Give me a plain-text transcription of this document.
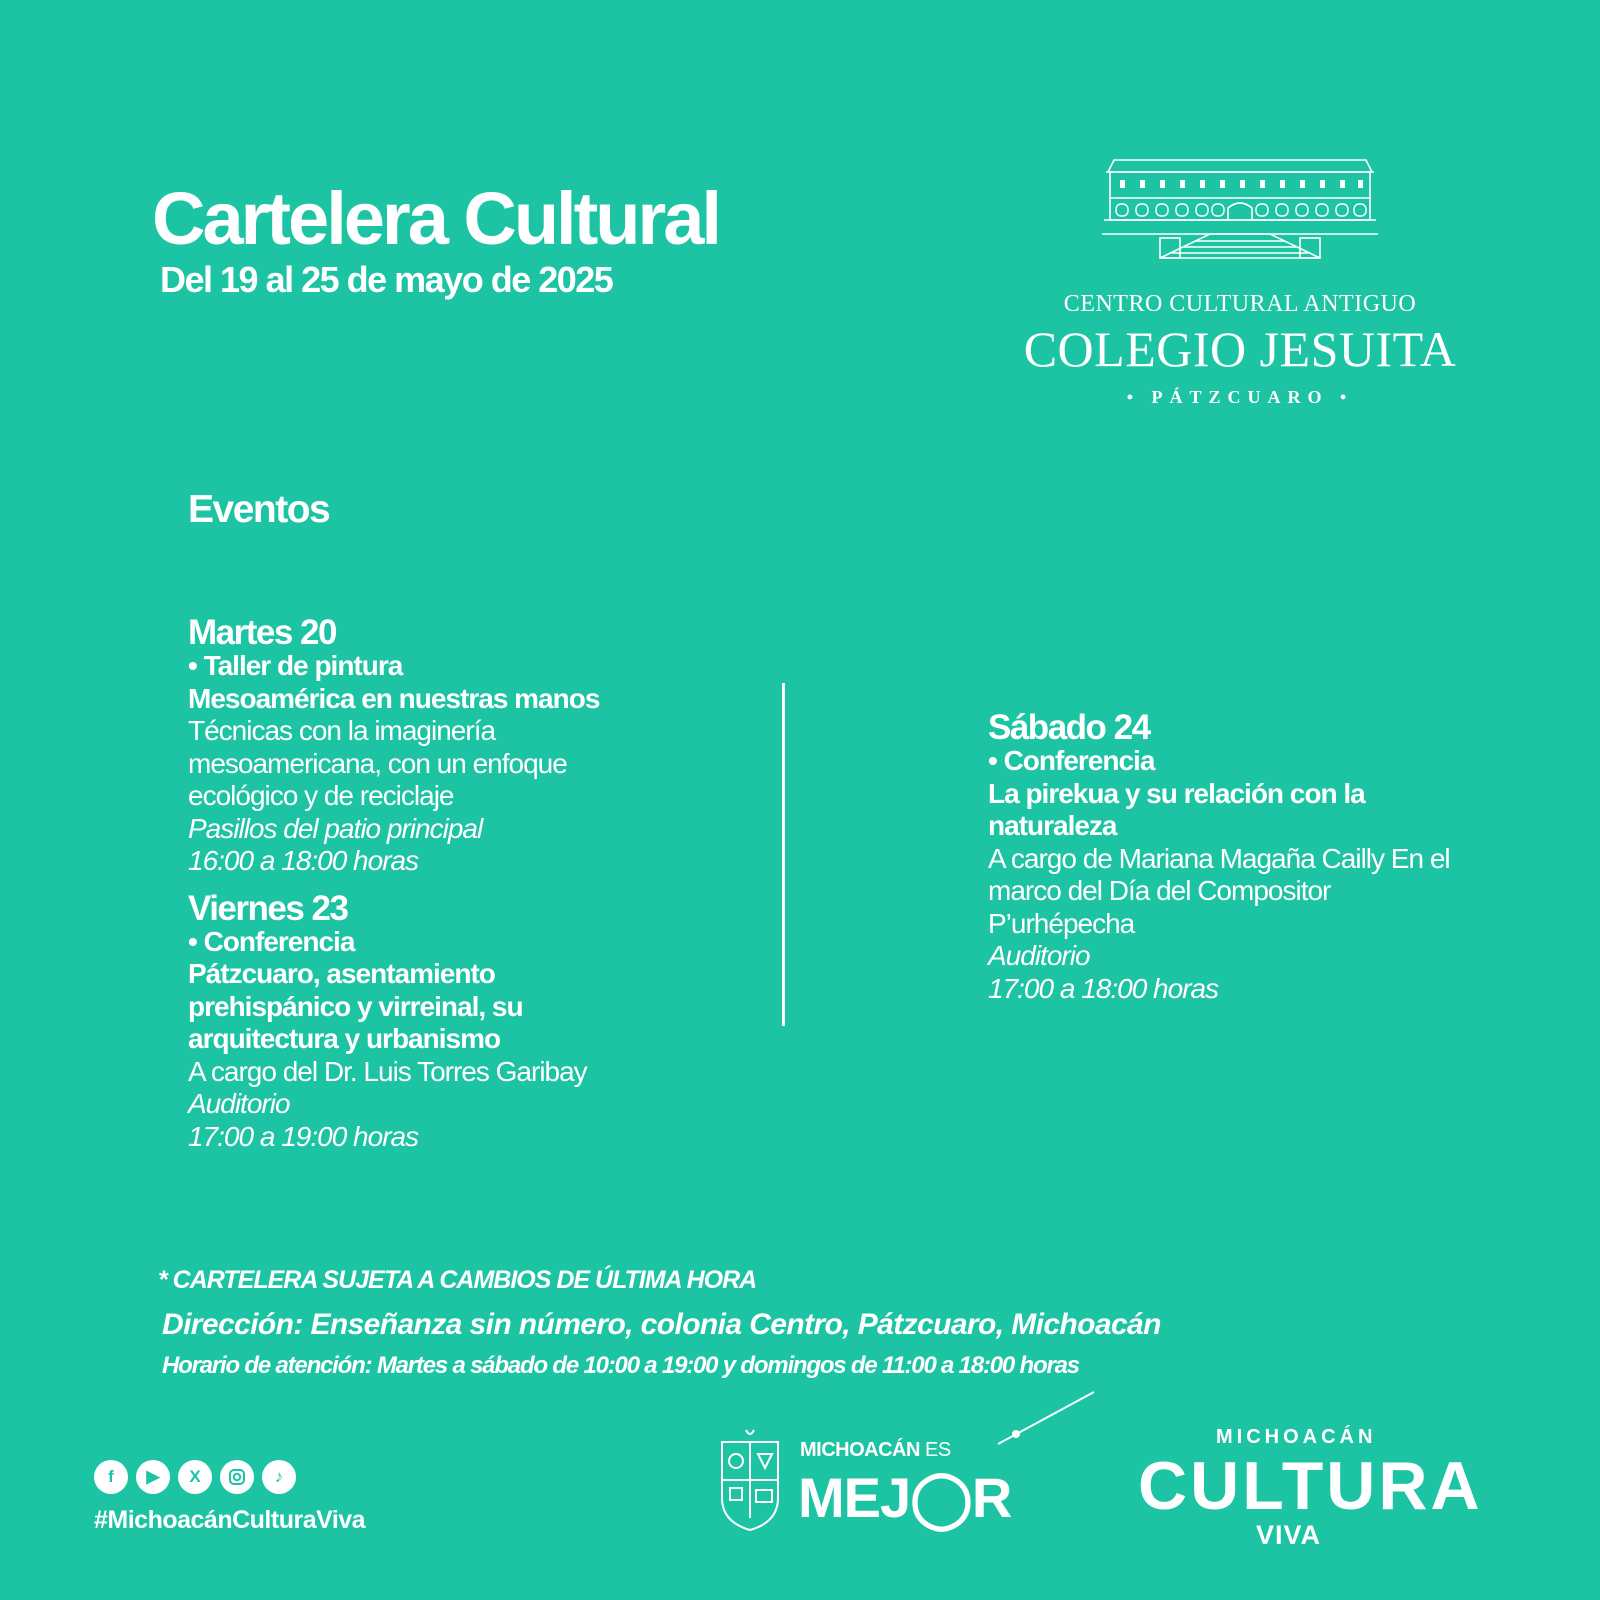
Cartelera Cultural
Del 19 al 25 de mayo de 2025
CENTRO CULTURAL ANTIGUO
COLEGIO JESUITA
• PÁTZCUARO •
Eventos
Martes 20
• Taller de pintura
Mesoamérica en nuestras manos
Técnicas con la imaginería mesoamericana, con un enfoque ecológico y de reciclaje
Pasillos del patio principal
16:00 a 18:00 horas
Viernes 23
• Conferencia
Pátzcuaro, asentamiento prehispánico y virreinal, su arquitectura y urbanismo
A cargo del Dr. Luis Torres Garibay
Auditorio
17:00 a 19:00 horas
Sábado 24
• Conferencia
La pirekua y su relación con la naturaleza
A cargo de Mariana Magaña Cailly En el marco del Día del Compositor P’urhépecha
Auditorio
17:00 a 18:00 horas
* CARTELERA SUJETA A CAMBIOS DE ÚLTIMA HORA
Dirección: Enseñanza sin número, colonia Centro, Pátzcuaro, Michoacán
Horario de atención: Martes a sábado de 10:00 a 19:00 y domingos de 11:00 a 18:00 horas
f	▶	X	♪
#MichoacánCulturaViva
MICHOACÁN ES
MEJ◯R
MICHOACÁN
CULTURA
VIVA
